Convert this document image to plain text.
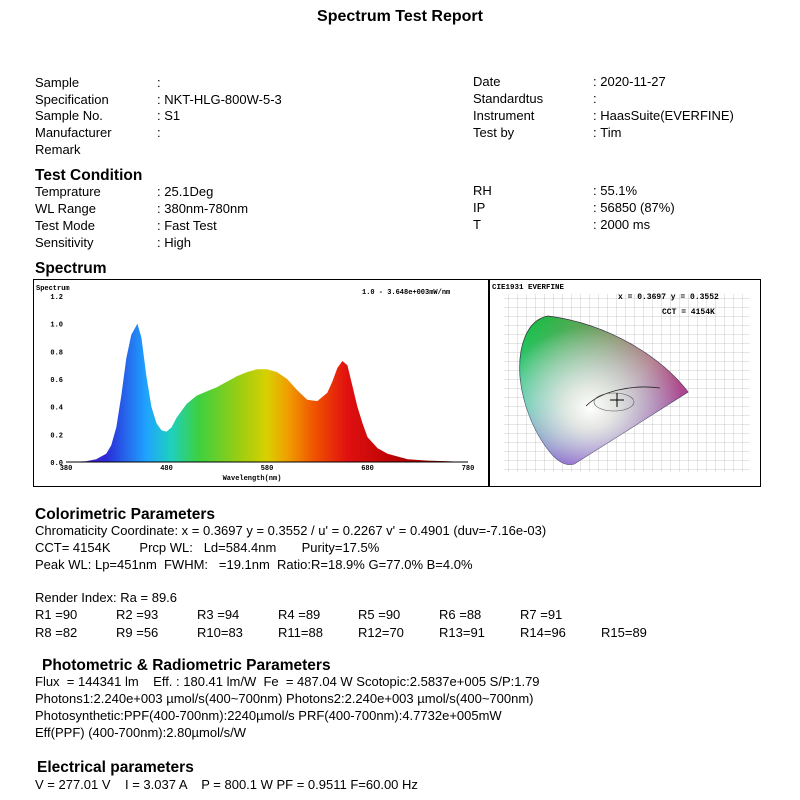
Spectrum Test Report
Sample	:
Specification	: NKT-HLG-800W-5-3
Sample No.	: S1
Manufacturer	:
Remark
Date	: 2020-11-27
Standardtus	:
Instrument	: HaasSuite(EVERFINE)
Test by	: Tim
Test Condition
Temprature	: 25.1Deg
WL Range	: 380nm-780nm
Test Mode	: Fast Test
Sensitivity	: High
RH	: 55.1%
IP	: 56850 (87%)
T	: 2000 ms
Spectrum
Spectrum	1.0 - 3.648e+003mW/nm
Wavelength(nm)
0.0
0.2
0.4
0.6
0.8
1.0
1.2
380	480	580	680	780
CIE1931 EVERFINE
x = 0.3697 y = 0.3552
CCT = 4154K
Colorimetric Parameters
Chromaticity Coordinate: x = 0.3697 y = 0.3552 / u' = 0.2267 v' = 0.4901 (duv=-7.16e-03)
CCT= 4154K        Prcp WL:   Ld=584.4nm       Purity=17.5%
Peak WL: Lp=451nm  FWHM:   =19.1nm  Ratio:R=18.9% G=77.0% B=4.0%
Render Index: Ra = 89.6
R1 =90	R2 =93	R3 =94	R4 =89	R5 =90	R6 =88	R7 =91
R8 =82	R9 =56	R10=83	R11=88	R12=70	R13=91	R14=96	R15=89
Photometric & Radiometric Parameters
Flux  = 144341 lm    Eff. : 180.41 lm/W  Fe  = 487.04 W Scotopic:2.5837e+005 S/P:1.79
Photons1:2.240e+003 µmol/s(400~700nm) Photons2:2.240e+003 µmol/s(400~700nm)
Photosynthetic:PPF(400-700nm):2240µmol/s PRF(400-700nm):4.7732e+005mW
Eff(PPF) (400-700nm):2.80µmol/s/W
Electrical parameters
V = 277.01 V    I = 3.037 A    P = 800.1 W PF = 0.9511 F=60.00 Hz
